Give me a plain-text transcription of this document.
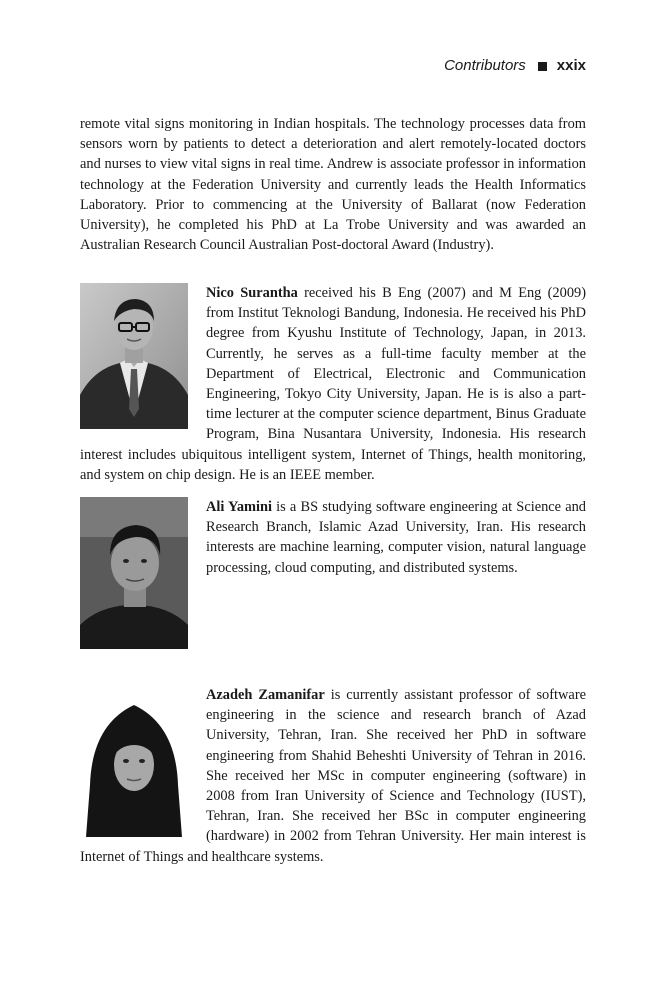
Contributors xxix

remote vital signs monitoring in Indian hospitals. The technology processes data from sensors worn by patients to detect a deterioration and alert remotely-located doctors and nurses to view vital signs in real time. Andrew is associate professor in information technology at the Federation University and currently leads the Health Informatics Laboratory. Prior to commencing at the University of Ballarat (now Federation University), he completed his PhD at La Trobe University and was awarded an Australian Research Council Australian Post-doctoral Award (Industry).

Nico Surantha received his B Eng (2007) and M Eng (2009) from Institut Teknologi Bandung, Indonesia. He received his PhD degree from Kyushu Institute of Technology, Japan, in 2013. Currently, he serves as a full-time faculty member at the Department of Electrical, Electronic and Communication Engineering, Tokyo City University, Japan. He is is also a part-time lecturer at the computer science department, Binus Graduate Program, Bina Nusantara University, Indonesia. His research interest includes ubiquitous intelligent system, Internet of Things, health monitoring, and system on chip design. He is an IEEE member.

Ali Yamini is a BS studying software engineering at Science and Research Branch, Islamic Azad University, Iran. His research interests are machine learning, computer vision, natural language processing, cloud computing, and distributed systems.

Azadeh Zamanifar is currently assistant professor of software engineering in the science and research branch of Azad University, Tehran, Iran. She received her PhD in software engineering from Shahid Beheshti University of Tehran in 2016. She received her MSc in computer engineering (software) in 2008 from Iran University of Science and Technology (IUST), Tehran, Iran. She received her BSc in computer engineering (hardware) in 2002 from Tehran University. Her main interest is Internet of Things and healthcare systems.
